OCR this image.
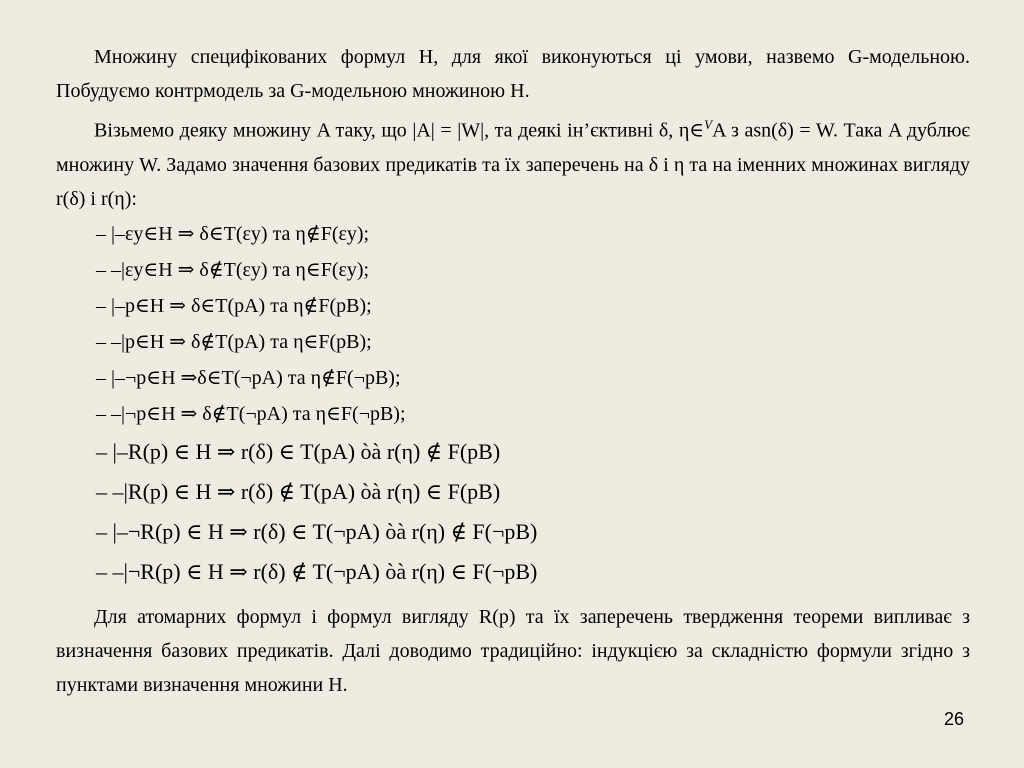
Множину специфікованих формул H, для якої виконуються ці умови, назвемо G-модельною. Побудуємо контрмодель за G-модельною множиною H.

Візьмемо деяку множину A таку, що |A| = |W|, та деякі ін’єктивні δ, η∈$^V$A з asn(δ) = W. Така A дублює множину W. Задамо значення базових предикатів та їх заперечень на δ і η та на іменних множинах вигляду r(δ) і r(η):

– |–εy∈H ⇒ δ∈T(εy) та η∉F(εy);
– –|εy∈H ⇒ δ∉T(εy) та η∈F(εy);
– |–p∈H ⇒ δ∈T(pA) та η∉F(pB);
– –|p∈H ⇒ δ∉T(pA) та η∈F(pB);
– |–¬p∈H ⇒δ∈T(¬pA) та η∉F(¬pB);
– –|¬p∈H ⇒ δ∉T(¬pA) та η∈F(¬pB);
– |–R(p) ∈ H ⇒ r(δ) ∈ T(pA) òà r(η) ∉ F(pB)
– –|R(p) ∈ H ⇒ r(δ) ∉ T(pA) òà r(η) ∈ F(pB)
– |–¬R(p) ∈ H ⇒ r(δ) ∈ T(¬pA) òà r(η) ∉ F(¬pB)
– –|¬R(p) ∈ H ⇒ r(δ) ∉ T(¬pA) òà r(η) ∈ F(¬pB)

Для атомарних формул і формул вигляду R(p) та їх заперечень твердження теореми випливає з визначення базових предикатів. Далі доводимо традиційно: індукцією за складністю формули згідно з пунктами визначення множини H.

26
